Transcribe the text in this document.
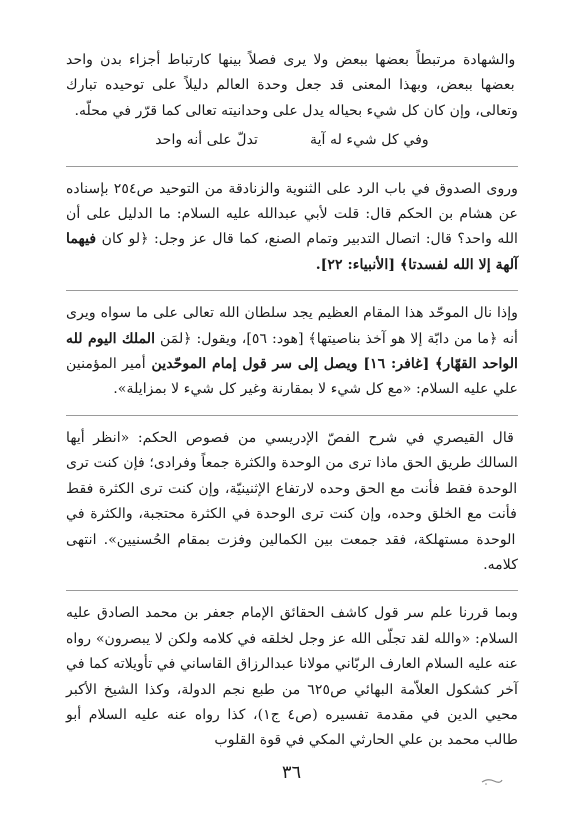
والشهادة مرتبطاً بعضها ببعض ولا يرى فصلاً بينها كارتباط أجزاء بدن واحد بعضها ببعض، وبهذا المعنى قد جعل وحدة العالم دليلاً على توحيده تبارك وتعالى، وإن كان كل شيء بحياله يدل على وحدانيته تعالى كما قرّر في محلّه.

وفي كل شيء له آية
تدلّ على أنه واحد

وروى الصدوق في باب الرد على الثنوية والزنادقة من التوحيد ص٢٥٤ بإسناده عن هشام بن الحكم قال: قلت لأبي عبدالله عليه السلام: ما الدليل على أن الله واحد؟ قال: اتصال التدبير وتمام الصنع، كما قال عز وجل: ﴿لو كان فيهما آلهة إلا الله لفسدتا﴾ [الأنبياء: ٢٢].

وإذا نال الموحّد هذا المقام العظيم يجد سلطان الله تعالى على ما سواه ويرى أنه ﴿ما من دابّة إلا هو آخذ بناصيتها﴾ [هود: ٥٦]، ويقول: ﴿لمَن الملك اليوم لله الواحد القهّار﴾ [غافر: ١٦] ويصل إلى سر قول إمام الموحّدين أمير المؤمنين علي عليه السلام: «مع كل شيء لا بمقارنة وغير كل شيء لا بمزايلة».

قال القيصري في شرح الفصّ الإدريسي من فصوص الحكم: «انظر أيها السالك طريق الحق ماذا ترى من الوحدة والكثرة جمعاً وفرادى؛ فإن كنت ترى الوحدة فقط فأنت مع الحق وحده لارتفاع الإثنينيّة، وإن كنت ترى الكثرة فقط فأنت مع الخلق وحده، وإن كنت ترى الوحدة في الكثرة محتجبة، والكثرة في الوحدة مستهلكة، فقد جمعت بين الكمالين وفزت بمقام الحُسنيين». انتهى كلامه.

وبما قررنا علم سر قول كاشف الحقائق الإمام جعفر بن محمد الصادق عليه السلام: «والله لقد تجلّى الله عز وجل لخلقه في كلامه ولكن لا يبصرون» رواه عنه عليه السلام العارف الربّاني مولانا عبدالرزاق القاساني في تأويلاته كما في آخر كشكول العلاّمة البهائي ص٦٢٥ من طبع نجم الدولة، وكذا الشيخ الأكبر محيي الدين في مقدمة تفسيره (ص٤ ج١)، كذا رواه عنه عليه السلام أبو طالب محمد بن علي الحارثي المكي في قوة القلوب

٣٦
